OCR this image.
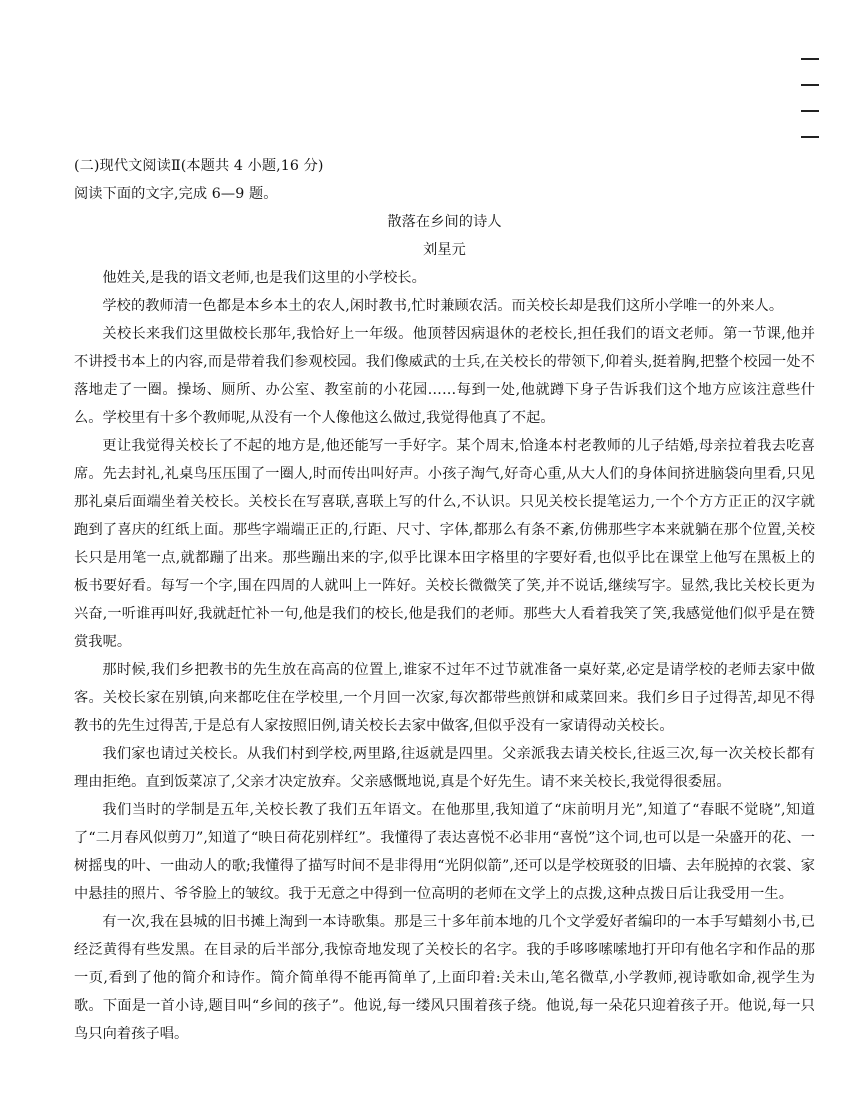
(二)现代文阅读Ⅱ(本题共 4 小题,16 分)

阅读下面的文字,完成 6—9 题。

散落在乡间的诗人

刘星元

他姓关,是我的语文老师,也是我们这里的小学校长。

学校的教师清一色都是本乡本土的农人,闲时教书,忙时兼顾农活。而关校长却是我们这所小学唯一的外来人。

关校长来我们这里做校长那年,我恰好上一年级。他顶替因病退休的老校长,担任我们的语文老师。第一节课,他并不讲授书本上的内容,而是带着我们参观校园。我们像威武的士兵,在关校长的带领下,仰着头,挺着胸,把整个校园一处不落地走了一圈。操场、厕所、办公室、教室前的小花园……每到一处,他就蹲下身子告诉我们这个地方应该注意些什么。学校里有十多个教师呢,从没有一个人像他这么做过,我觉得他真了不起。

更让我觉得关校长了不起的地方是,他还能写一手好字。某个周末,恰逢本村老教师的儿子结婚,母亲拉着我去吃喜席。先去封礼,礼桌鸟压压围了一圈人,时而传出叫好声。小孩子淘气,好奇心重,从大人们的身体间挤进脑袋向里看,只见那礼桌后面端坐着关校长。关校长在写喜联,喜联上写的什么,不认识。只见关校长提笔运力,一个个方方正正的汉字就跑到了喜庆的红纸上面。那些字端端正正的,行距、尺寸、字体,都那么有条不紊,仿佛那些字本来就躺在那个位置,关校长只是用笔一点,就都蹦了出来。那些蹦出来的字,似乎比课本田字格里的字要好看,也似乎比在课堂上他写在黑板上的板书要好看。每写一个字,围在四周的人就叫上一阵好。关校长微微笑了笑,并不说话,继续写字。显然,我比关校长更为兴奋,一听谁再叫好,我就赶忙补一句,他是我们的校长,他是我们的老师。那些大人看着我笑了笑,我感觉他们似乎是在赞赏我呢。

那时候,我们乡把教书的先生放在高高的位置上,谁家不过年不过节就准备一桌好菜,必定是请学校的老师去家中做客。关校长家在别镇,向来都吃住在学校里,一个月回一次家,每次都带些煎饼和咸菜回来。我们乡日子过得苦,却见不得教书的先生过得苦,于是总有人家按照旧例,请关校长去家中做客,但似乎没有一家请得动关校长。

我们家也请过关校长。从我们村到学校,两里路,往返就是四里。父亲派我去请关校长,往返三次,每一次关校长都有理由拒绝。直到饭菜凉了,父亲才决定放弃。父亲感慨地说,真是个好先生。请不来关校长,我觉得很委屈。

我们当时的学制是五年,关校长教了我们五年语文。在他那里,我知道了“床前明月光”,知道了“春眠不觉晓”,知道了“二月春风似剪刀”,知道了“映日荷花别样红”。我懂得了表达喜悦不必非用“喜悦”这个词,也可以是一朵盛开的花、一树摇曳的叶、一曲动人的歌;我懂得了描写时间不是非得用“光阴似箭”,还可以是学校斑驳的旧墙、去年脱掉的衣裳、家中悬挂的照片、爷爷脸上的皱纹。我于无意之中得到一位高明的老师在文学上的点拨,这种点拨日后让我受用一生。

有一次,我在县城的旧书摊上淘到一本诗歌集。那是三十多年前本地的几个文学爱好者编印的一本手写蜡刻小书,已经泛黄得有些发黑。在目录的后半部分,我惊奇地发现了关校长的名字。我的手哆哆嗦嗦地打开印有他名字和作品的那一页,看到了他的简介和诗作。简介简单得不能再简单了,上面印着:关未山,笔名微草,小学教师,视诗歌如命,视学生为歌。下面是一首小诗,题目叫“乡间的孩子”。他说,每一缕风只围着孩子绕。他说,每一朵花只迎着孩子开。他说,每一只鸟只向着孩子唱。
